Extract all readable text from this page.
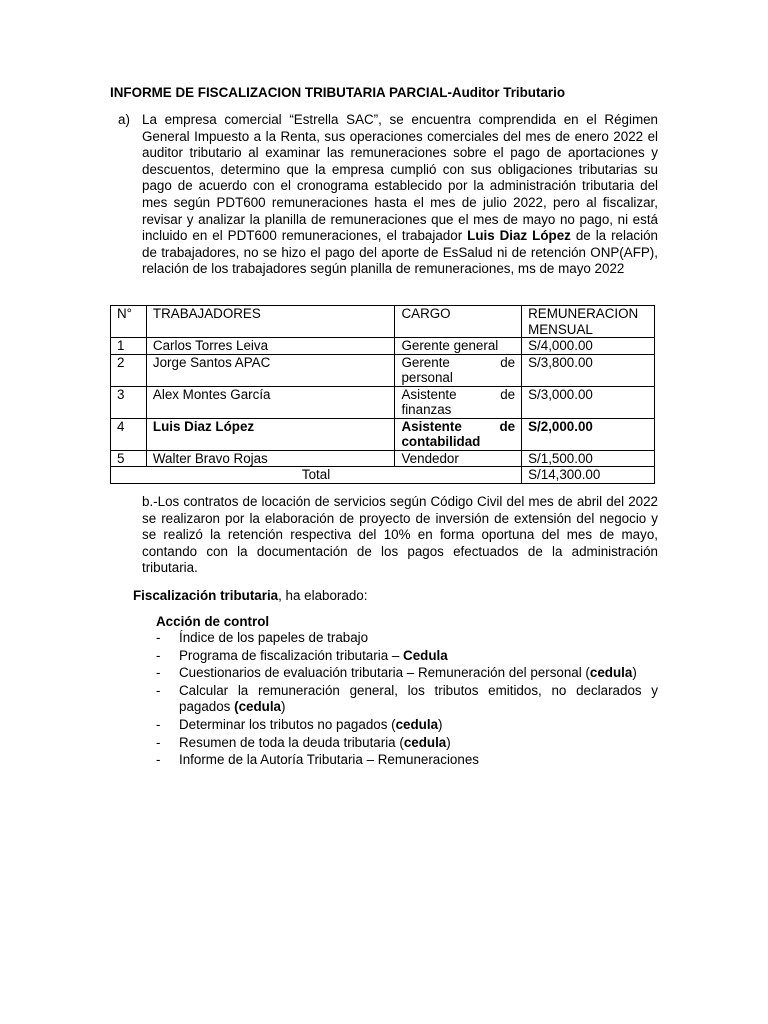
INFORME DE FISCALIZACION TRIBUTARIA PARCIAL-Auditor Tributario
a) La empresa comercial “Estrella SAC”, se encuentra comprendida en el Régimen General Impuesto a la Renta, sus operaciones comerciales del mes de enero 2022 el auditor tributario al examinar las remuneraciones sobre el pago de aportaciones y descuentos, determino que la empresa cumplió con sus obligaciones tributarias su pago de acuerdo con el cronograma establecido por la administración tributaria del mes según PDT600 remuneraciones hasta el mes de julio 2022, pero al fiscalizar, revisar y analizar la planilla de remuneraciones que el mes de mayo no pago, ni está incluido en el PDT600 remuneraciones, el trabajador Luis Diaz López de la relación de trabajadores, no se hizo el pago del aporte de EsSalud ni de retención ONP(AFP), relación de los trabajadores según planilla de remuneraciones, ms de mayo 2022
N°	TRABAJADORES	CARGO	REMUNERACION MENSUAL
1	Carlos Torres Leiva	Gerente general	S/4,000.00
2	Jorge Santos APAC	Gerente de personal	S/3,800.00
3	Alex Montes García	Asistente de finanzas	S/3,000.00
4	Luis Diaz López	Asistente de contabilidad	S/2,000.00
5	Walter Bravo Rojas	Vendedor	S/1,500.00
Total			S/14,300.00
b.-Los contratos de locación de servicios según Código Civil del mes de abril del 2022 se realizaron por la elaboración de proyecto de inversión de extensión del negocio y se realizó la retención respectiva del 10% en forma oportuna del mes de mayo, contando con la documentación de los pagos efectuados de la administración tributaria.
Fiscalización tributaria, ha elaborado:
Acción de control
- Índice de los papeles de trabajo
- Programa de fiscalización tributaria – Cedula
- Cuestionarios de evaluación tributaria – Remuneración del personal (cedula)
- Calcular la remuneración general, los tributos emitidos, no declarados y pagados (cedula)
- Determinar los tributos no pagados (cedula)
- Resumen de toda la deuda tributaria (cedula)
- Informe de la Autoría Tributaria – Remuneraciones
